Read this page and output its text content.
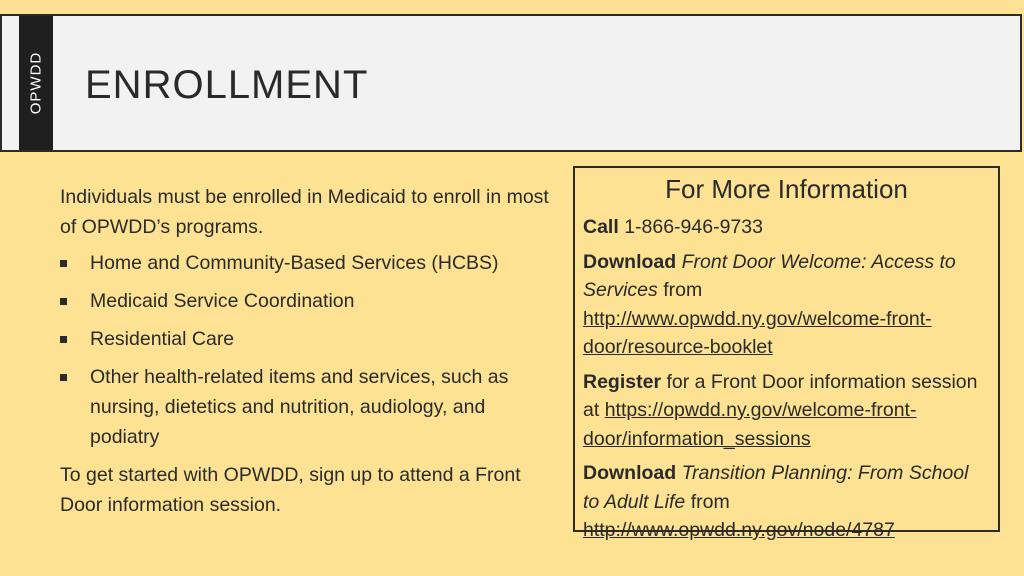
OPWDD ENROLLMENT

Individuals must be enrolled in Medicaid to enroll in most of OPWDD’s programs.

Home and Community-Based Services (HCBS)
Medicaid Service Coordination
Residential Care
Other health-related items and services, such as nursing, dietetics and nutrition, audiology, and podiatry

To get started with OPWDD, sign up to attend a Front Door information session.

For More Information

Call 1-866-946-9733

Download Front Door Welcome: Access to Services from http://www.opwdd.ny.gov/welcome-front-door/resource-booklet

Register for a Front Door information session at https://opwdd.ny.gov/welcome-front-door/information_sessions

Download Transition Planning: From School to Adult Life from http://www.opwdd.ny.gov/node/4787
